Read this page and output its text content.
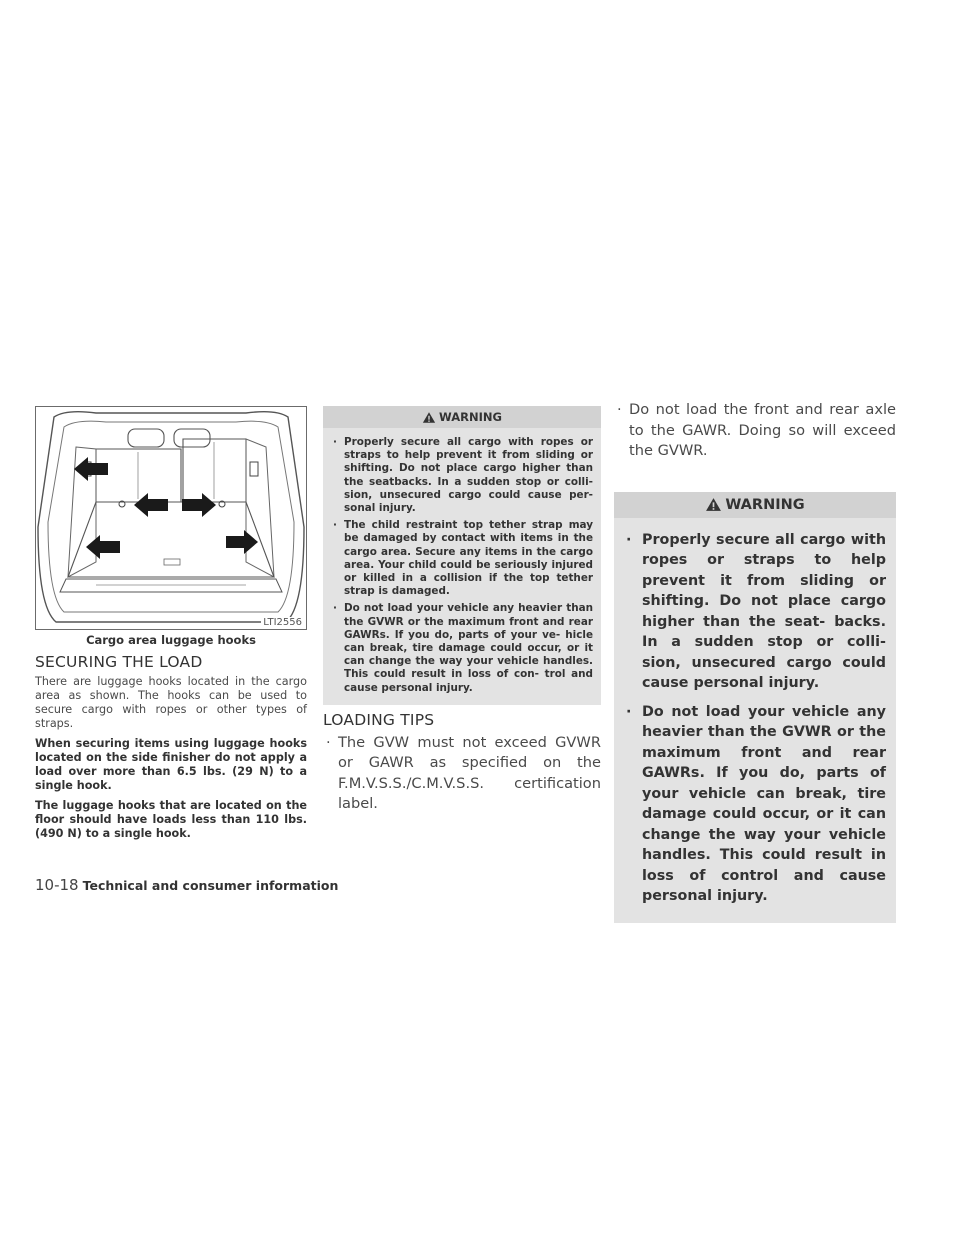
LTI2556
Cargo area luggage hooks
SECURING THE LOAD

There are luggage hooks located in the cargo area as shown. The hooks can be used to secure cargo with ropes or other types of straps.

When securing items using luggage hooks located on the side finisher do not apply a load over more than 6.5 lbs. (29 N) to a single hook.

The luggage hooks that are located on the floor should have loads less than 110 lbs. (490 N) to a single hook.

WARNING
· Properly secure all cargo with ropes or straps to help prevent it from sliding or shifting. Do not place cargo higher than the seatbacks. In a sudden stop or colli- sion, unsecured cargo could cause per- sonal injury.
· The child restraint top tether strap may be damaged by contact with items in the cargo area. Secure any items in the cargo area. Your child could be seriously injured or killed in a collision if the top tether strap is damaged.
· Do not load your vehicle any heavier than the GVWR or the maximum front and rear GAWRs. If you do, parts of your ve- hicle can break, tire damage could occur, or it can change the way your vehicle handles. This could result in loss of con- trol and cause personal injury.
LOADING TIPS
· The GVW must not exceed GVWR or GAWR as specified on the F.M.V.S.S./C.M.V.S.S. certification label.
· Do not load the front and rear axle to the GAWR. Doing so will exceed the GVWR.
WARNING
· Properly secure all cargo with ropes or straps to help prevent it from sliding or shifting. Do not place cargo higher than the seat- backs. In a sudden stop or colli- sion, unsecured cargo could cause personal injury.
· Do not load your vehicle any heavier than the GVWR or the maximum front and rear GAWRs. If you do, parts of your vehicle can break, tire damage could occur, or it can change the way your vehicle handles. This could result in loss of control and cause personal injury.
10-18 Technical and consumer information
